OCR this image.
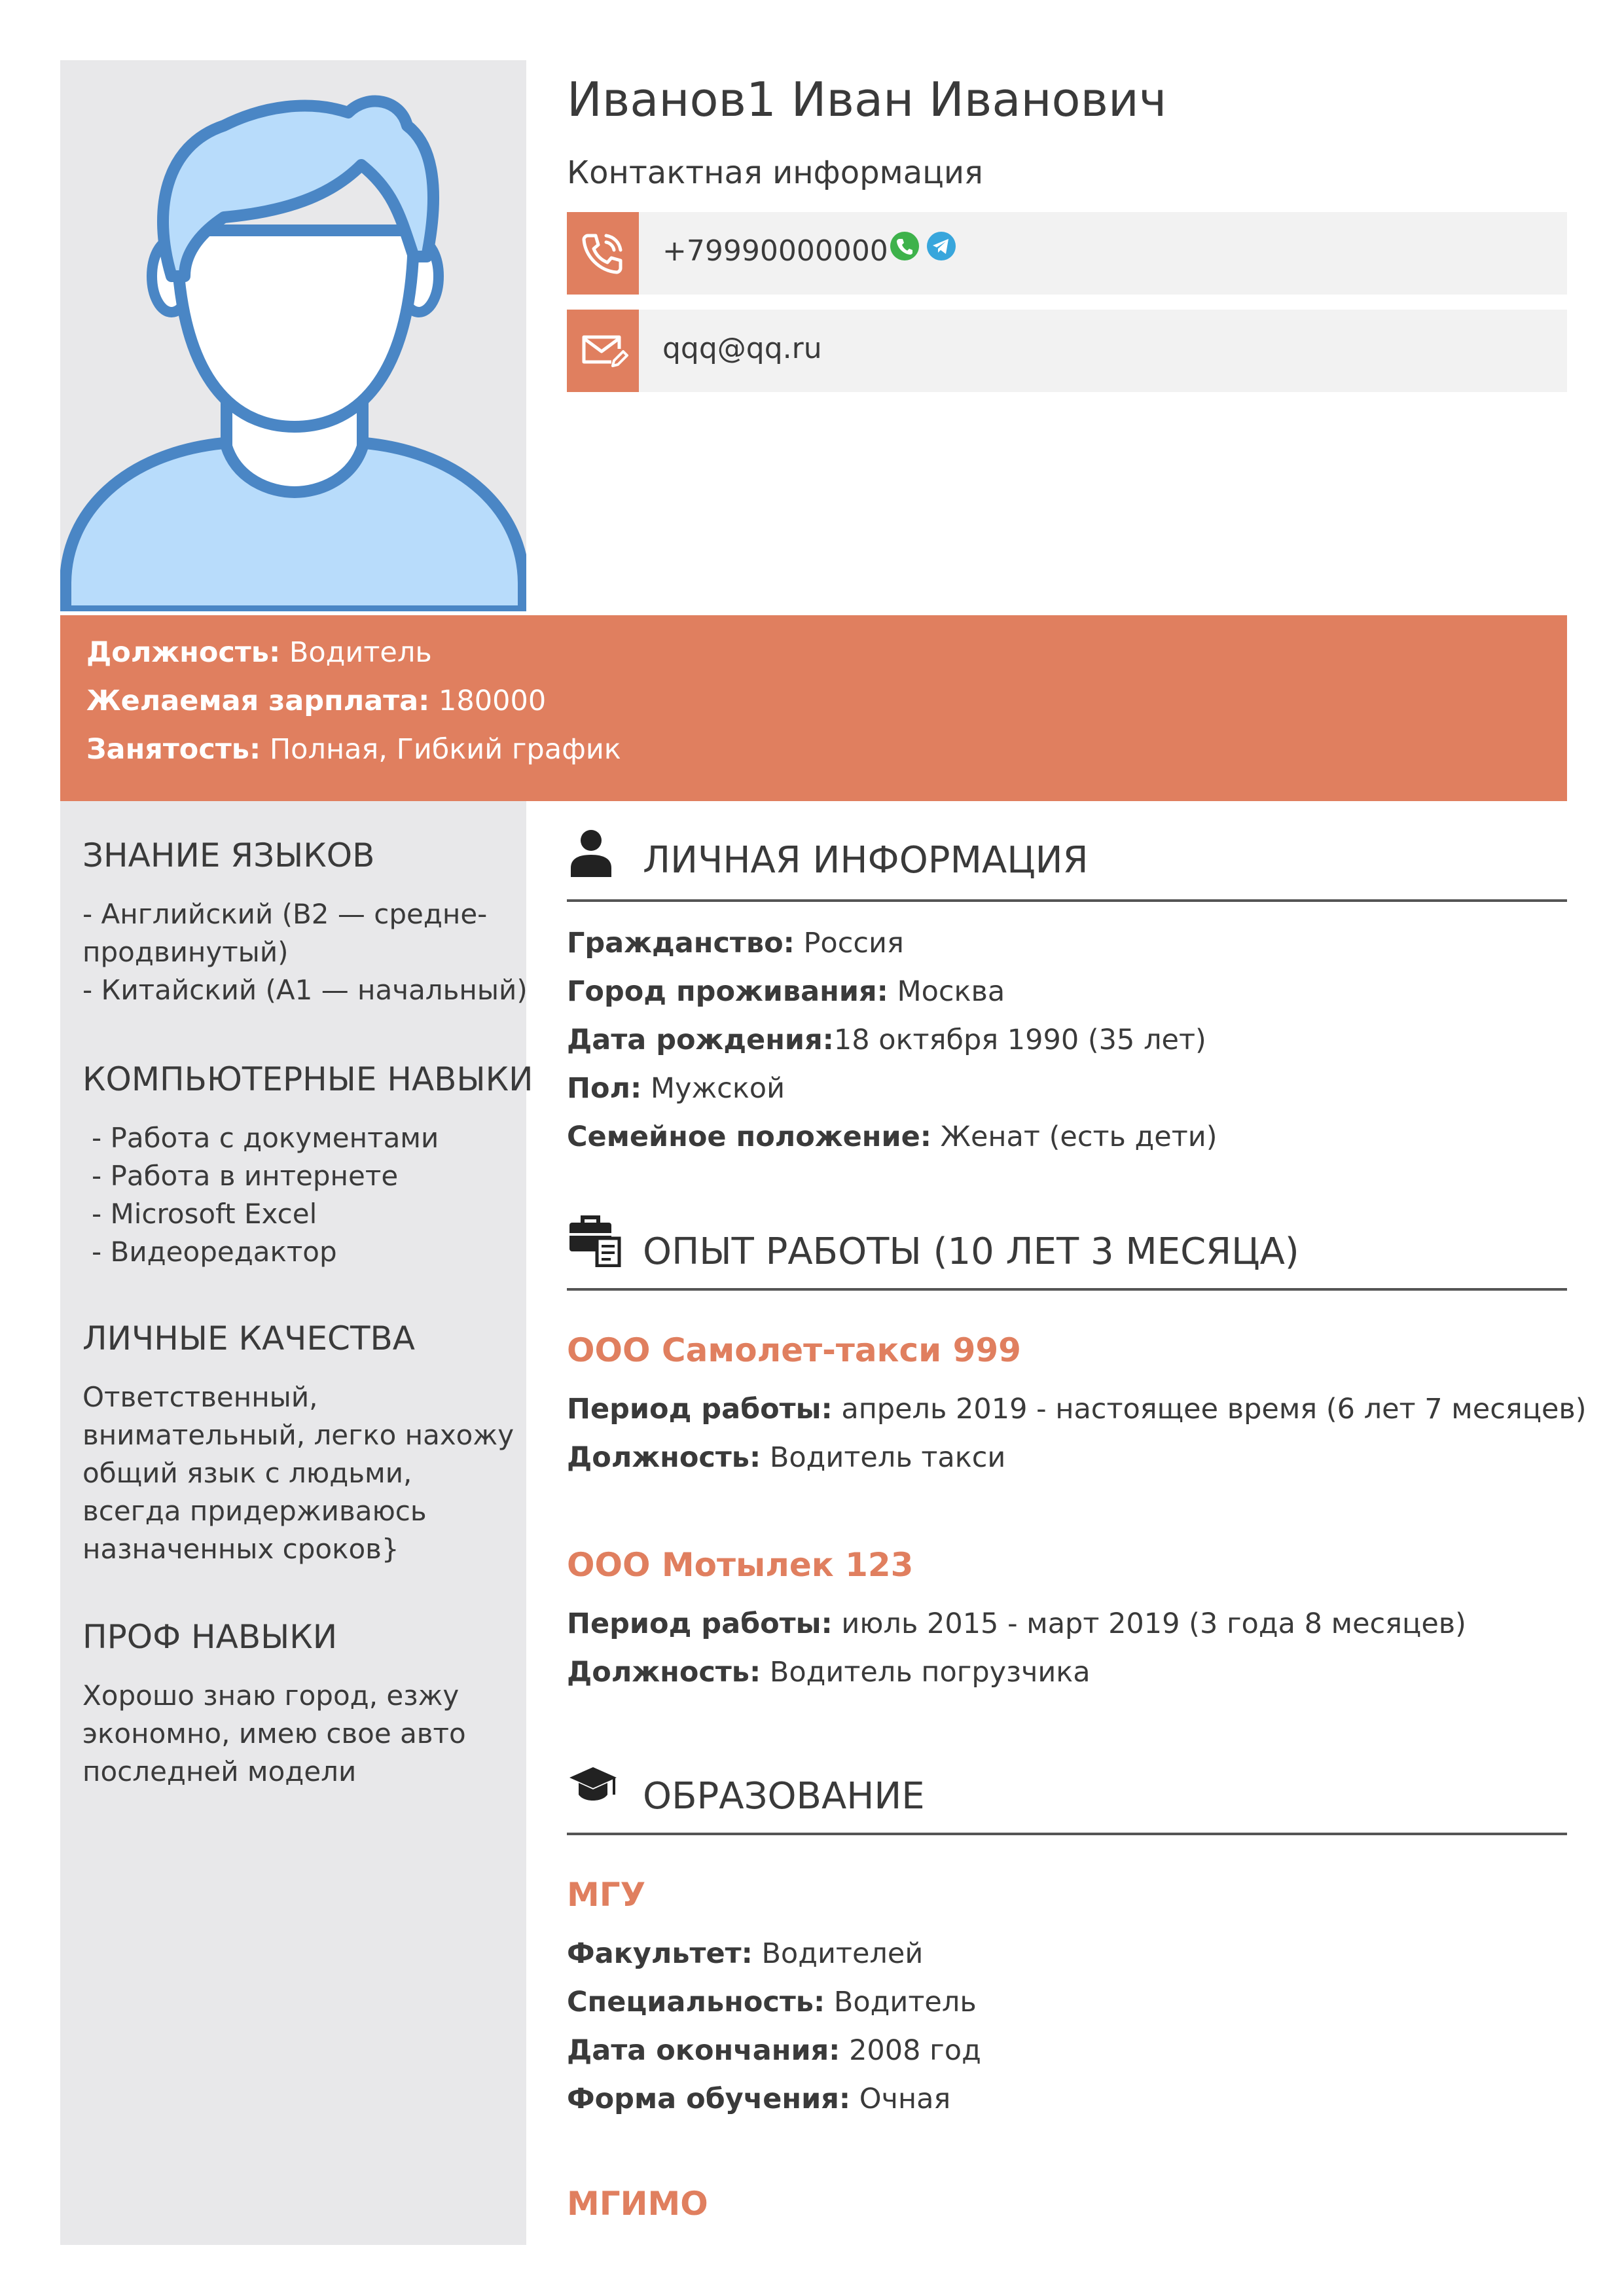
Иванов1 Иван Иванович
Контактная информация
+79990000000
qqq@qq.ru
Должность: Водитель
Желаемая зарплата: 180000
Занятость: Полная, Гибкий график
ЗНАНИЕ ЯЗЫКОВ
- Английский (B2 — средне-
продвинутый)
- Китайский (A1 — начальный)
КОМПЬЮТЕРНЫЕ НАВЫКИ
- Работа с документами
- Работа в интернете
- Microsoft Excel
- Видеоредактор
ЛИЧНЫЕ КАЧЕСТВА
Ответственный, внимательный, легко нахожу общий язык с людьми, всегда придерживаюсь назначенных сроков}
ПРОФ НАВЫКИ
Хорошо знаю город, езжу экономно, имею свое авто последней модели
ЛИЧНАЯ ИНФОРМАЦИЯ
Гражданство: Россия
Город проживания: Москва
Дата рождения:18 октября 1990 (35 лет)
Пол: Мужской
Семейное положение: Женат (есть дети)
ОПЫТ РАБОТЫ (10 ЛЕТ 3 МЕСЯЦА)
ООО Самолет-такси 999
Период работы: апрель 2019 - настоящее время (6 лет 7 месяцев)
Должность: Водитель такси
ООО Мотылек 123
Период работы: июль 2015 - март 2019 (3 года 8 месяцев)
Должность: Водитель погрузчика
ОБРАЗОВАНИЕ
МГУ
Факультет: Водителей
Специальность: Водитель
Дата окончания: 2008 год
Форма обучения: Очная
МГИМО
